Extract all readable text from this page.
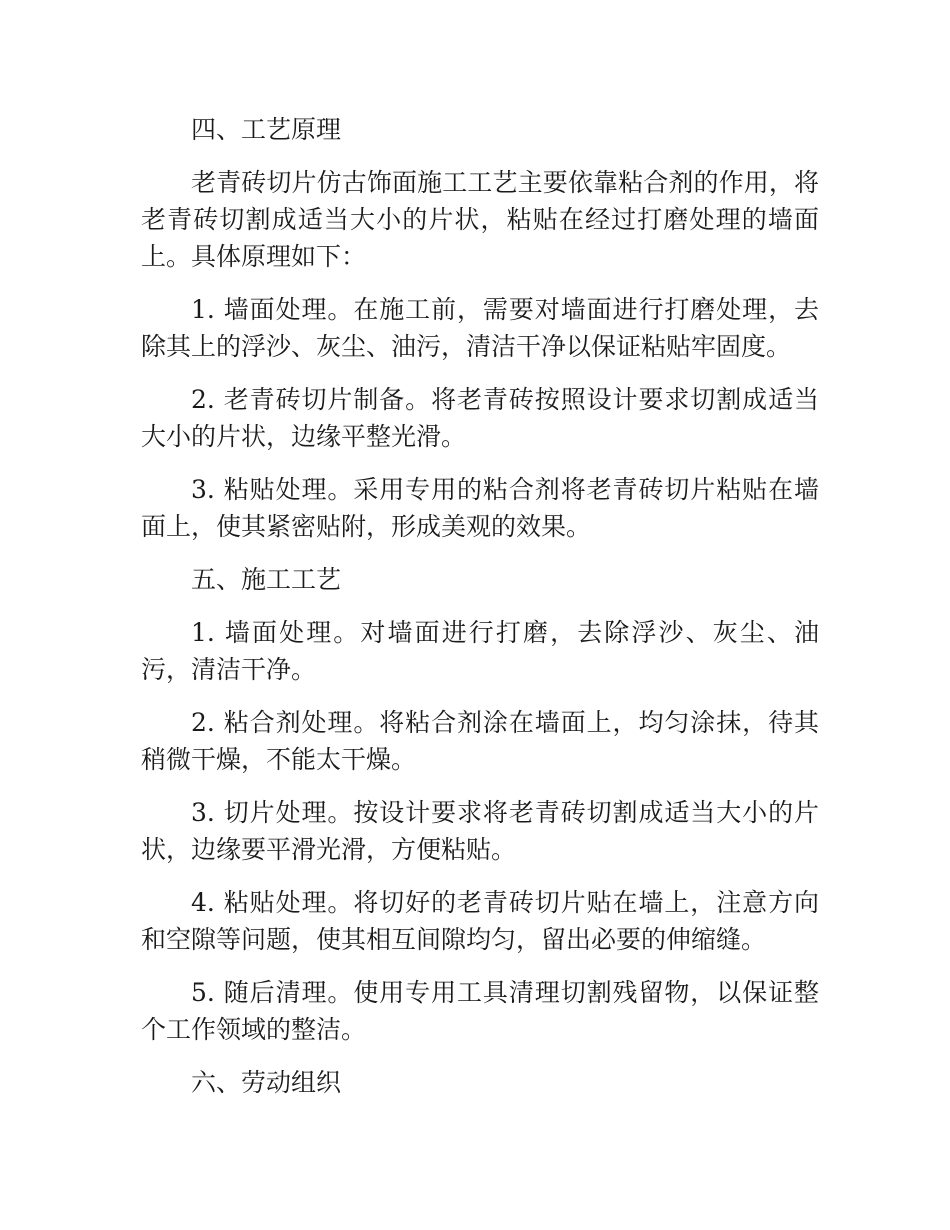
四、工艺原理

老青砖切片仿古饰面施工工艺主要依靠粘合剂的作用，将老青砖切割成适当大小的片状，粘贴在经过打磨处理的墙面上。具体原理如下：

1. 墙面处理。在施工前，需要对墙面进行打磨处理，去除其上的浮沙、灰尘、油污，清洁干净以保证粘贴牢固度。

2. 老青砖切片制备。将老青砖按照设计要求切割成适当大小的片状，边缘平整光滑。

3. 粘贴处理。采用专用的粘合剂将老青砖切片粘贴在墙面上，使其紧密贴附，形成美观的效果。

五、施工工艺

1. 墙面处理。对墙面进行打磨，去除浮沙、灰尘、油污，清洁干净。

2. 粘合剂处理。将粘合剂涂在墙面上，均匀涂抹，待其稍微干燥，不能太干燥。

3. 切片处理。按设计要求将老青砖切割成适当大小的片状，边缘要平滑光滑，方便粘贴。

4. 粘贴处理。将切好的老青砖切片贴在墙上，注意方向和空隙等问题，使其相互间隙均匀，留出必要的伸缩缝。

5. 随后清理。使用专用工具清理切割残留物，以保证整个工作领域的整洁。

六、劳动组织
